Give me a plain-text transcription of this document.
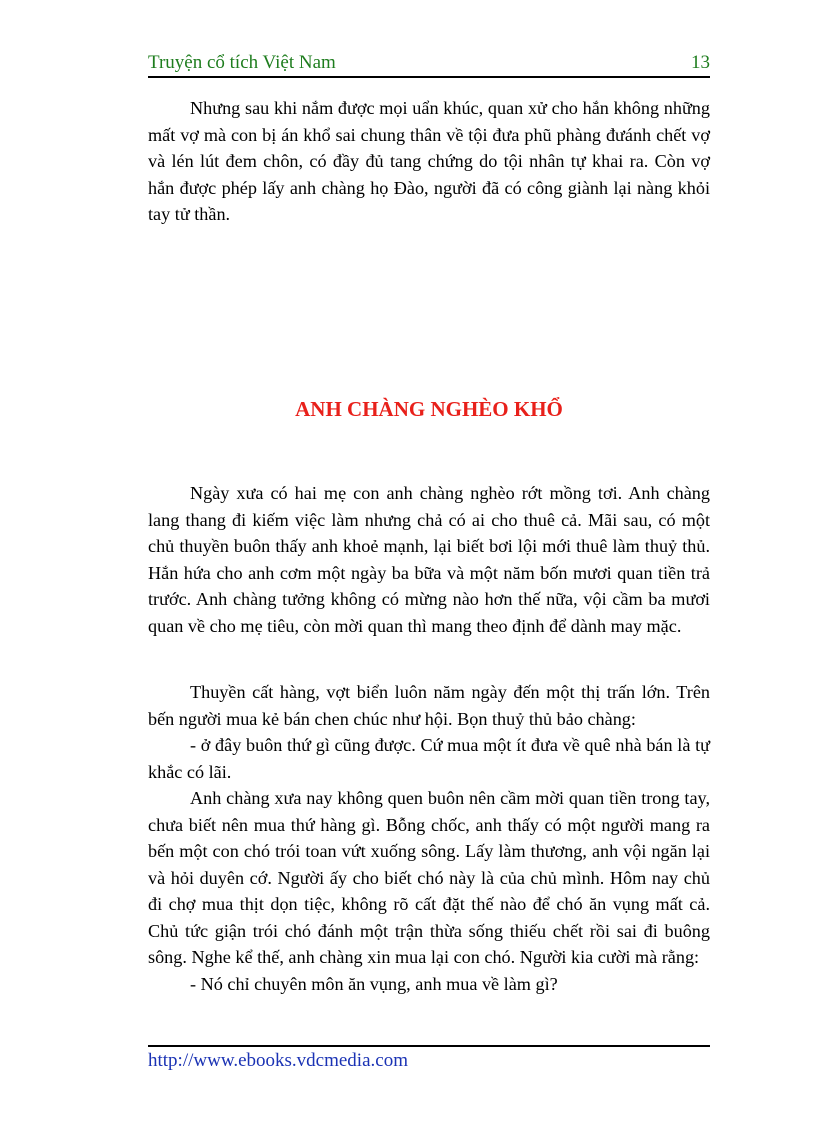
Truyện cổ tích Việt Nam	13

Nhưng sau khi nắm được mọi uẩn khúc, quan xử cho hắn không những mất vợ mà con bị án khổ sai chung thân về tội đưa phũ phàng đưánh chết vợ và lén lút đem chôn, có đầy đủ tang chứng do tội nhân tự khai ra. Còn vợ hắn được phép lấy anh chàng họ Đào, người đã có công giành lại nàng khỏi tay tử thần.

ANH CHÀNG NGHÈO KHỔ

Ngày xưa có hai mẹ con anh chàng nghèo rớt mồng tơi. Anh chàng lang thang đi kiếm việc làm nhưng chả có ai cho thuê cả. Mãi sau, có một chủ thuyền buôn thấy anh khoẻ mạnh, lại biết bơi lội mới thuê làm thuỷ thủ. Hắn hứa cho anh cơm một ngày ba bữa và một năm bốn mươi quan tiền trả trước. Anh chàng tưởng không có mừng nào hơn thế nữa, vội cầm ba mươi quan về cho mẹ tiêu, còn mời quan thì mang theo định để dành may mặc.

Thuyền cất hàng, vợt biển luôn năm ngày đến một thị trấn lớn. Trên bến người mua kẻ bán chen chúc như hội. Bọn thuỷ thủ bảo chàng:

- ở đây buôn thứ gì cũng được. Cứ mua một ít đưa về quê nhà bán là tự khắc có lãi.

Anh chàng xưa nay không quen buôn nên cầm mời quan tiền trong tay, chưa biết nên mua thứ hàng gì. Bỗng chốc, anh thấy có một người mang ra bến một con chó trói toan vứt xuống sông. Lấy làm thương, anh vội ngăn lại và hỏi duyên cớ. Người ấy cho biết chó này là của chủ mình. Hôm nay chủ đi chợ mua thịt dọn tiệc, không rõ cất đặt thế nào để chó ăn vụng mất cả. Chủ tức giận trói chó đánh một trận thừa sống thiếu chết rồi sai đi buông sông. Nghe kể thế, anh chàng xin mua lại con chó. Người kia cười mà rằng:

- Nó chỉ chuyên môn ăn vụng, anh mua về làm gì?

http://www.ebooks.vdcmedia.com
